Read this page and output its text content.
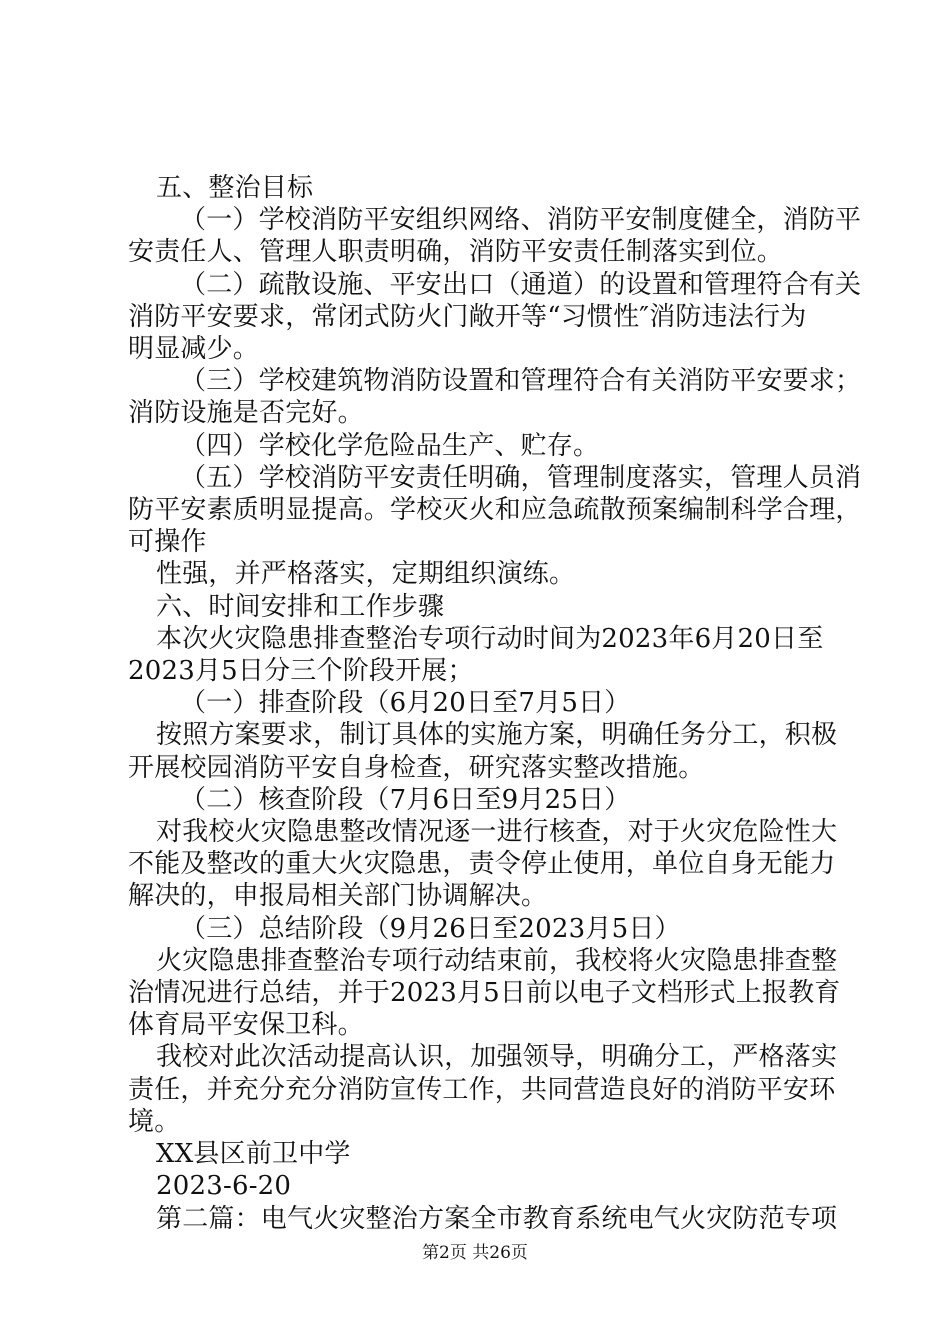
五、整治目标
（一）学校消防平安组织网络、消防平安制度健全，消防平
安责任人、管理人职责明确，消防平安责任制落实到位。
（二）疏散设施、平安出口（通道）的设置和管理符合有关
消防平安要求，常闭式防火门敞开等“习惯性″消防违法行为
明显减少。
（三）学校建筑物消防设置和管理符合有关消防平安要求；
消防设施是否完好。
（四）学校化学危险品生产、贮存。
（五）学校消防平安责任明确，管理制度落实，管理人员消
防平安素质明显提高。学校灭火和应急疏散预案编制科学合理，
可操作
性强，并严格落实，定期组织演练。
六、时间安排和工作步骤
本次火灾隐患排查整治专项行动时间为2023年6月20日至
2023月5日分三个阶段开展；
（一）排查阶段（6月20日至7月5日）
按照方案要求，制订具体的实施方案，明确任务分工，积极
开展校园消防平安自身检查，研究落实整改措施。
（二）核查阶段（7月6日至9月25日）
对我校火灾隐患整改情况逐一进行核查，对于火灾危险性大
不能及整改的重大火灾隐患，责令停止使用，单位自身无能力
解决的，申报局相关部门协调解决。
（三）总结阶段（9月26日至2023月5日）
火灾隐患排查整治专项行动结束前，我校将火灾隐患排查整
治情况进行总结，并于2023月5日前以电子文档形式上报教育
体育局平安保卫科。
我校对此次活动提高认识，加强领导，明确分工，严格落实
责任，并充分充分消防宣传工作，共同营造良好的消防平安环
境。
XX县区前卫中学
2023-6-20
第二篇：电气火灾整治方案全市教育系统电气火灾防范专项
第2页 共26页
